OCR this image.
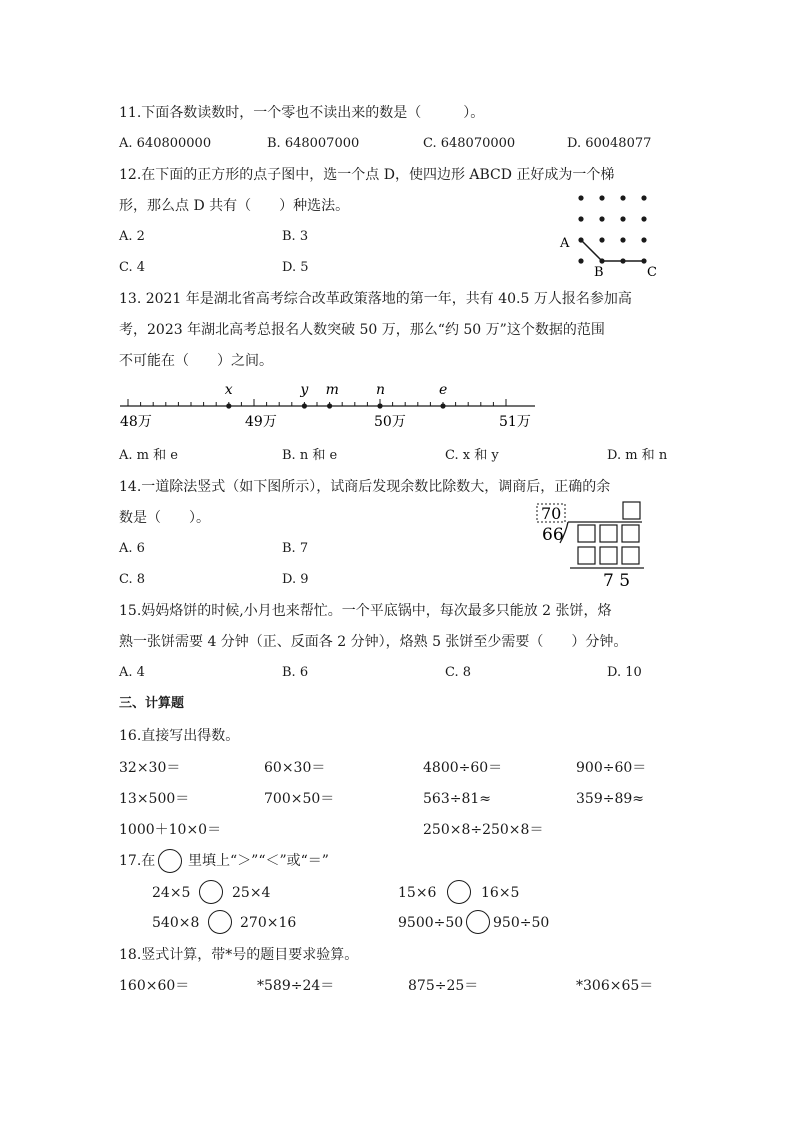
11.下面各数读数时，一个零也不读出来的数是（　　　）。
A. 640800000	B. 648007000	C. 648070000	D. 60048077
12.在下面的正方形的点子图中，选一个点 D，使四边形 ABCD 正好成为一个梯
形，那么点 D 共有（　　）种选法。
A. 2	B. 3
C. 4	D. 5
A
B	C
13. 2021 年是湖北省高考综合改革政策落地的第一年，共有 40.5 万人报名参加高
考，2023 年湖北高考总报名人数突破 50 万，那么“约 50 万”这个数据的范围
不可能在（　　）之间。
x	y m	n	e
48万	49万	50万	51万
A. m 和 e	B. n 和 e	C. x 和 y	D. m 和 n
14.一道除法竖式（如下图所示），试商后发现余数比除数大，调商后，正确的余
数是（　　）。
A. 6	B. 7
C. 8	D. 9
70
66
7 5
15.妈妈烙饼的时候,小月也来帮忙。一个平底锅中，每次最多只能放 2 张饼，烙
熟一张饼需要 4 分钟（正、反面各 2 分钟），烙熟 5 张饼至少需要（　　）分钟。
A. 4	B. 6	C. 8	D. 10
三、计算题
16.直接写出得数。
32×30＝	60×30＝	4800÷60＝	900÷60＝
13×500＝	700×50＝	563÷81≈	359÷89≈
1000＋10×0＝	250×8÷250×8＝
17.在 里填上“＞”“＜”或“＝”
24×5	25×4	15×6	16×5
540×8	270×16	9500÷50 950÷50
18.竖式计算，带*号的题目要求验算。
160×60＝	*589÷24＝	875÷25＝	*306×65＝
